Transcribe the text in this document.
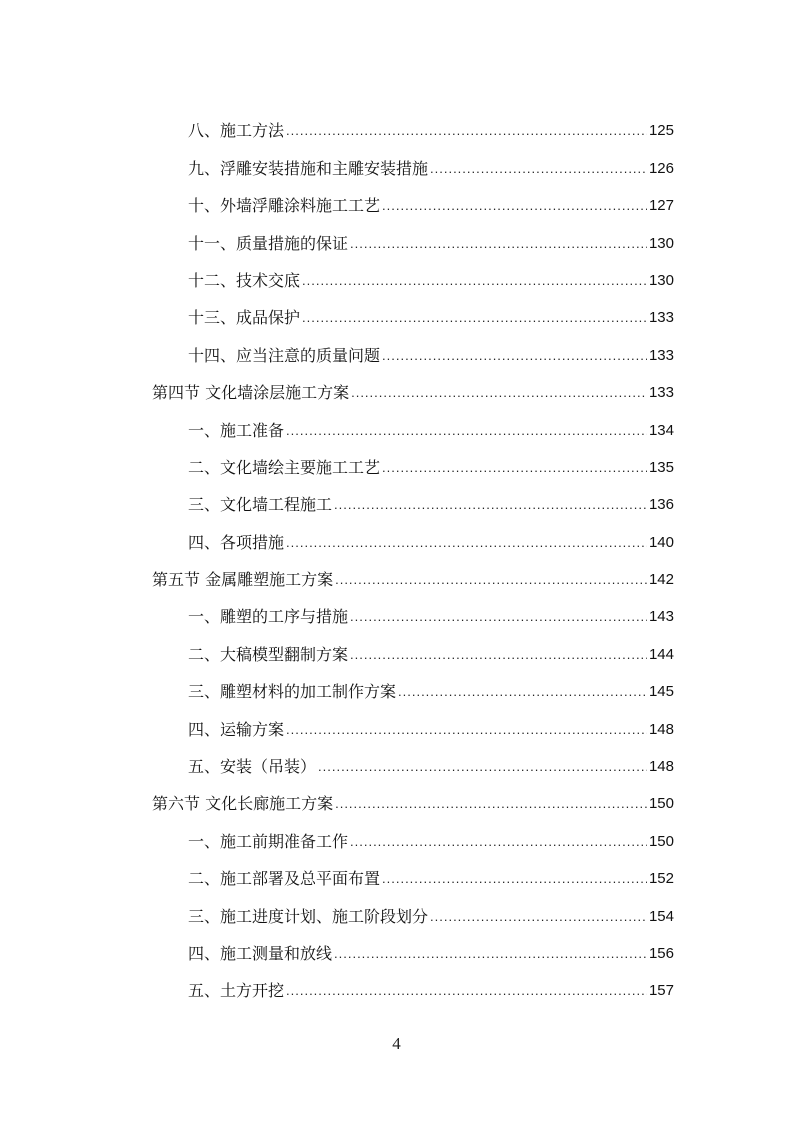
八、施工方法 .....	125
九、浮雕安装措施和主雕安装措施 .....	126
十、外墙浮雕涂料施工工艺 .....	127
十一、质量措施的保证 .....	130
十二、技术交底 .....	130
十三、成品保护 .....	133
十四、应当注意的质量问题 .....	133
第四节 文化墙涂层施工方案 .....	133
一、施工准备 .....	134
二、文化墙绘主要施工工艺 .....	135
三、文化墙工程施工 .....	136
四、各项措施 .....	140
第五节 金属雕塑施工方案 .....	142
一、雕塑的工序与措施 .....	143
二、大稿模型翻制方案 .....	144
三、雕塑材料的加工制作方案 .....	145
四、运输方案 .....	148
五、安装（吊装） .....	148
第六节 文化长廊施工方案 .....	150
一、施工前期准备工作 .....	150
二、施工部署及总平面布置 .....	152
三、施工进度计划、施工阶段划分 .....	154
四、施工测量和放线 .....	156
五、土方开挖 .....	157
4
